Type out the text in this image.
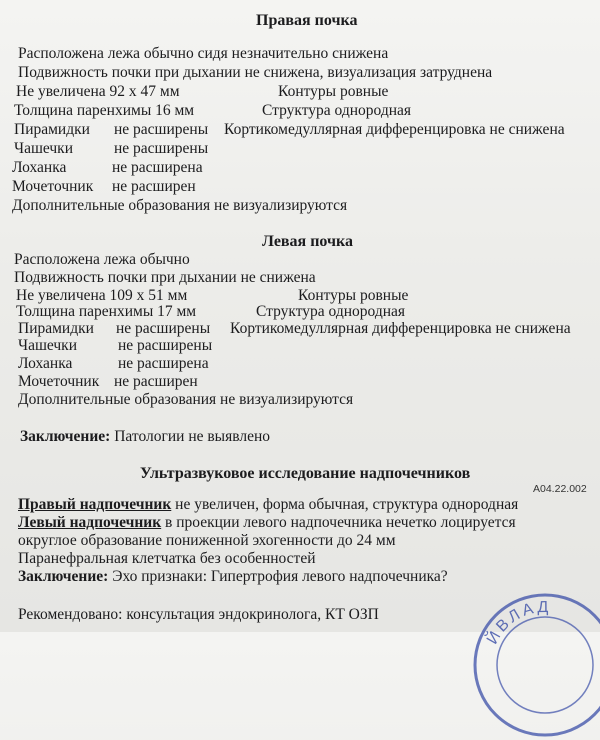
Правая почка
Расположена лежа обычно сидя незначительно снижена
Подвижность почки при дыхании не снижена, визуализация затруднена
Не увеличена 92 х 47 мм	Контуры ровные
Толщина паренхимы 16 мм	Структура однородная
Пирамидки не расширены Кортикомедуллярная дифференцировка не снижена
Чашечки	не расширены
Лоханка	не расширена
Мочеточник не расширен
Дополнительные образования не визуализируются
Левая почка
Расположена лежа обычно
Подвижность почки при дыхании не снижена
Не увеличена 109 х 51 мм	Контуры ровные
Толщина паренхимы 17 мм	Структура однородная
Пирамидки не расширены Кортикомедуллярная дифференцировка не снижена
Чашечки	не расширены
Лоханка	не расширена
Мочеточник не расширен
Дополнительные образования не визуализируются
Заключение: Патологии не выявлено
Ультразвуковое исследование надпочечников
A04.22.002
Правый надпочечник не увеличен, форма обычная, структура однородная
Левый надпочечник в проекции левого надпочечника нечетко лоцируется
округлое образование пониженной эхогенности до 24 мм
Паранефральная клетчатка без особенностей
Заключение: Эхо признаки: Гипертрофия левого надпочечника?
Рекомендовано: консультация эндокринолога, КТ ОЗП
ЙВЛАД
